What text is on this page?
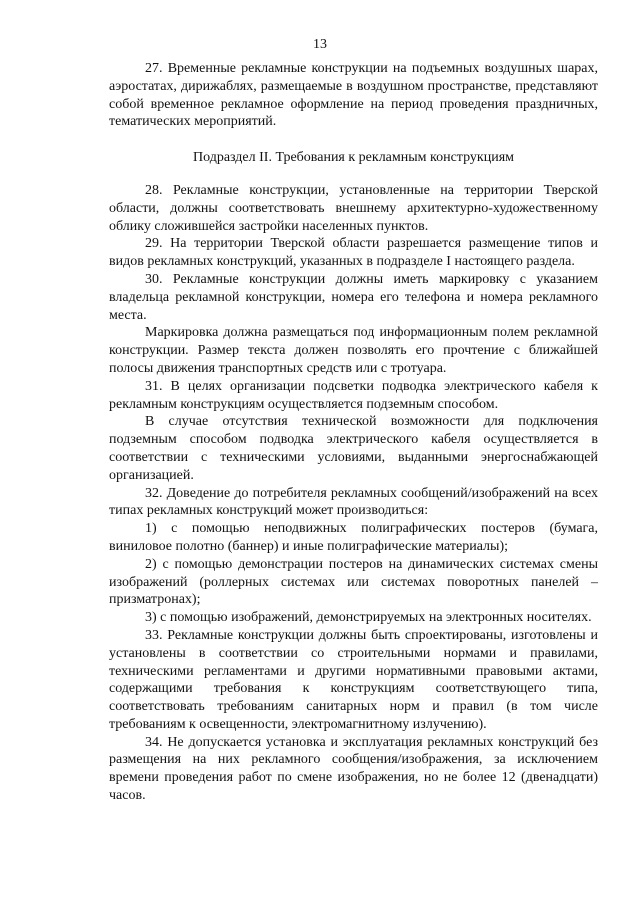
13

27. Временные рекламные конструкции на подъемных воздушных шарах, аэростатах, дирижаблях, размещаемые в воздушном пространстве, представляют собой временное рекламное оформление на период проведения праздничных, тематических мероприятий.

Подраздел II. Требования к рекламным конструкциям

28. Рекламные конструкции, установленные на территории Тверской области, должны соответствовать внешнему архитектурно-художественному облику сложившейся застройки населенных пунктов.

29. На территории Тверской области разрешается размещение типов и видов рекламных конструкций, указанных в подразделе I настоящего раздела.

30. Рекламные конструкции должны иметь маркировку с указанием владельца рекламной конструкции, номера его телефона и номера рекламного места.

Маркировка должна размещаться под информационным полем рекламной конструкции. Размер текста должен позволять его прочтение с ближайшей полосы движения транспортных средств или с тротуара.

31. В целях организации подсветки подводка электрического кабеля к рекламным конструкциям осуществляется подземным способом.

В случае отсутствия технической возможности для подключения подземным способом подводка электрического кабеля осуществляется в соответствии с техническими условиями, выданными энергоснабжающей организацией.

32. Доведение до потребителя рекламных сообщений/изображений на всех типах рекламных конструкций может производиться:

1) с помощью неподвижных полиграфических постеров (бумага, виниловое полотно (баннер) и иные полиграфические материалы);

2) с помощью демонстрации постеров на динамических системах смены изображений (роллерных системах или системах поворотных панелей – призматронах);

3) с помощью изображений, демонстрируемых на электронных носителях.

33. Рекламные конструкции должны быть спроектированы, изготовлены и установлены в соответствии со строительными нормами и правилами, техническими регламентами и другими нормативными правовыми актами, содержащими требования к конструкциям соответствующего типа, соответствовать требованиям санитарных норм и правил (в том числе требованиям к освещенности, электромагнитному излучению).

34. Не допускается установка и эксплуатация рекламных конструкций без размещения на них рекламного сообщения/изображения, за исключением времени проведения работ по смене изображения, но не более 12 (двенадцати) часов.
